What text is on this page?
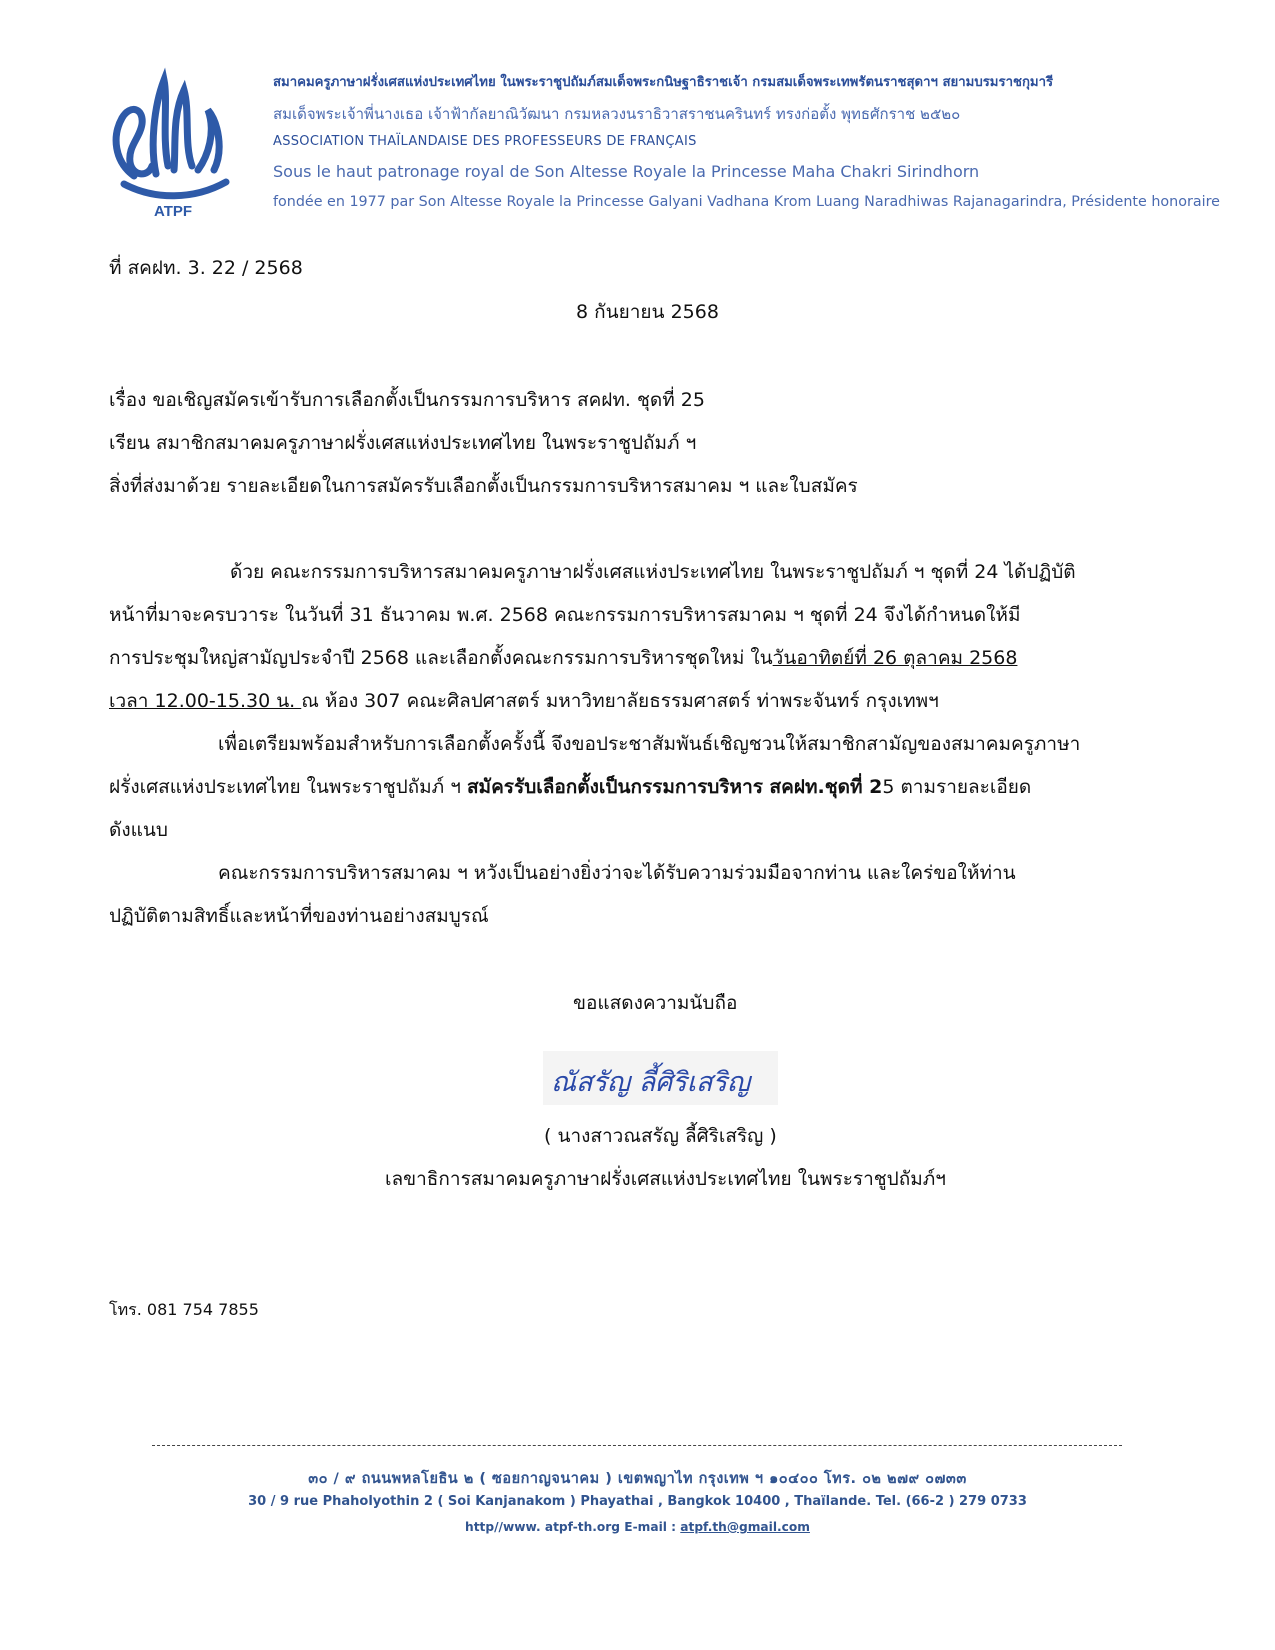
ATPF
สมาคมครูภาษาฝรั่งเศสแห่งประเทศไทย ในพระราชูปถัมภ์สมเด็จพระกนิษฐาธิราชเจ้า กรมสมเด็จพระเทพรัตนราชสุดาฯ สยามบรมราชกุมารี
สมเด็จพระเจ้าพี่นางเธอ เจ้าฟ้ากัลยาณิวัฒนา กรมหลวงนราธิวาสราชนครินทร์ ทรงก่อตั้ง พุทธศักราช ๒๕๒๐
ASSOCIATION THAÏLANDAISE DES PROFESSEURS DE FRANÇAIS
Sous le haut patronage royal de Son Altesse Royale la Princesse Maha Chakri Sirindhorn
fondée en 1977 par Son Altesse Royale la Princesse Galyani Vadhana Krom Luang Naradhiwas Rajanagarindra, Présidente honoraire
ที่ สคฝท. 3. 22 / 2568
8 กันยายน 2568
เรื่อง ขอเชิญสมัครเข้ารับการเลือกตั้งเป็นกรรมการบริหาร สคฝท. ชุดที่ 25
เรียน สมาชิกสมาคมครูภาษาฝรั่งเศสแห่งประเทศไทย ในพระราชูปถัมภ์ ฯ
สิ่งที่ส่งมาด้วย รายละเอียดในการสมัครรับเลือกตั้งเป็นกรรมการบริหารสมาคม ฯ และใบสมัคร
ด้วย คณะกรรมการบริหารสมาคมครูภาษาฝรั่งเศสแห่งประเทศไทย ในพระราชูปถัมภ์ ฯ ชุดที่ 24 ได้ปฏิบัติ
หน้าที่มาจะครบวาระ ในวันที่ 31 ธันวาคม พ.ศ. 2568 คณะกรรมการบริหารสมาคม ฯ ชุดที่ 24 จึงได้กำหนดให้มี
การประชุมใหญ่สามัญประจำปี 2568 และเลือกตั้งคณะกรรมการบริหารชุดใหม่ ในวันอาทิตย์ที่ 26 ตุลาคม 2568
เวลา 12.00-15.30 น. ณ ห้อง 307 คณะศิลปศาสตร์ มหาวิทยาลัยธรรมศาสตร์ ท่าพระจันทร์ กรุงเทพฯ
เพื่อเตรียมพร้อมสำหรับการเลือกตั้งครั้งนี้ จึงขอประชาสัมพันธ์เชิญชวนให้สมาชิกสามัญของสมาคมครูภาษา
ฝรั่งเศสแห่งประเทศไทย ในพระราชูปถัมภ์ ฯ สมัครรับเลือกตั้งเป็นกรรมการบริหาร สคฝท.ชุดที่ 25 ตามรายละเอียด
ดังแนบ
คณะกรรมการบริหารสมาคม ฯ หวังเป็นอย่างยิ่งว่าจะได้รับความร่วมมือจากท่าน และใคร่ขอให้ท่าน
ปฏิบัติตามสิทธิ์และหน้าที่ของท่านอย่างสมบูรณ์
ขอแสดงความนับถือ
ณัสรัญ ลี้ศิริเสริญ
( นางสาวณสรัญ ลี้ศิริเสริญ )
เลขาธิการสมาคมครูภาษาฝรั่งเศสแห่งประเทศไทย ในพระราชูปถัมภ์ฯ
โทร. 081 754 7855
๓๐ / ๙ ถนนพหลโยธิน ๒ ( ซอยกาญจนาคม ) เขตพญาไท กรุงเทพ ฯ ๑๐๔๐๐ โทร. ๐๒ ๒๗๙ ๐๗๓๓
30 / 9 rue Phaholyothin 2 ( Soi Kanjanakom ) Phayathai , Bangkok 10400 , Thaïlande. Tel. (66-2 ) 279 0733
http//www. atpf-th.org E-mail : atpf.th@gmail.com
